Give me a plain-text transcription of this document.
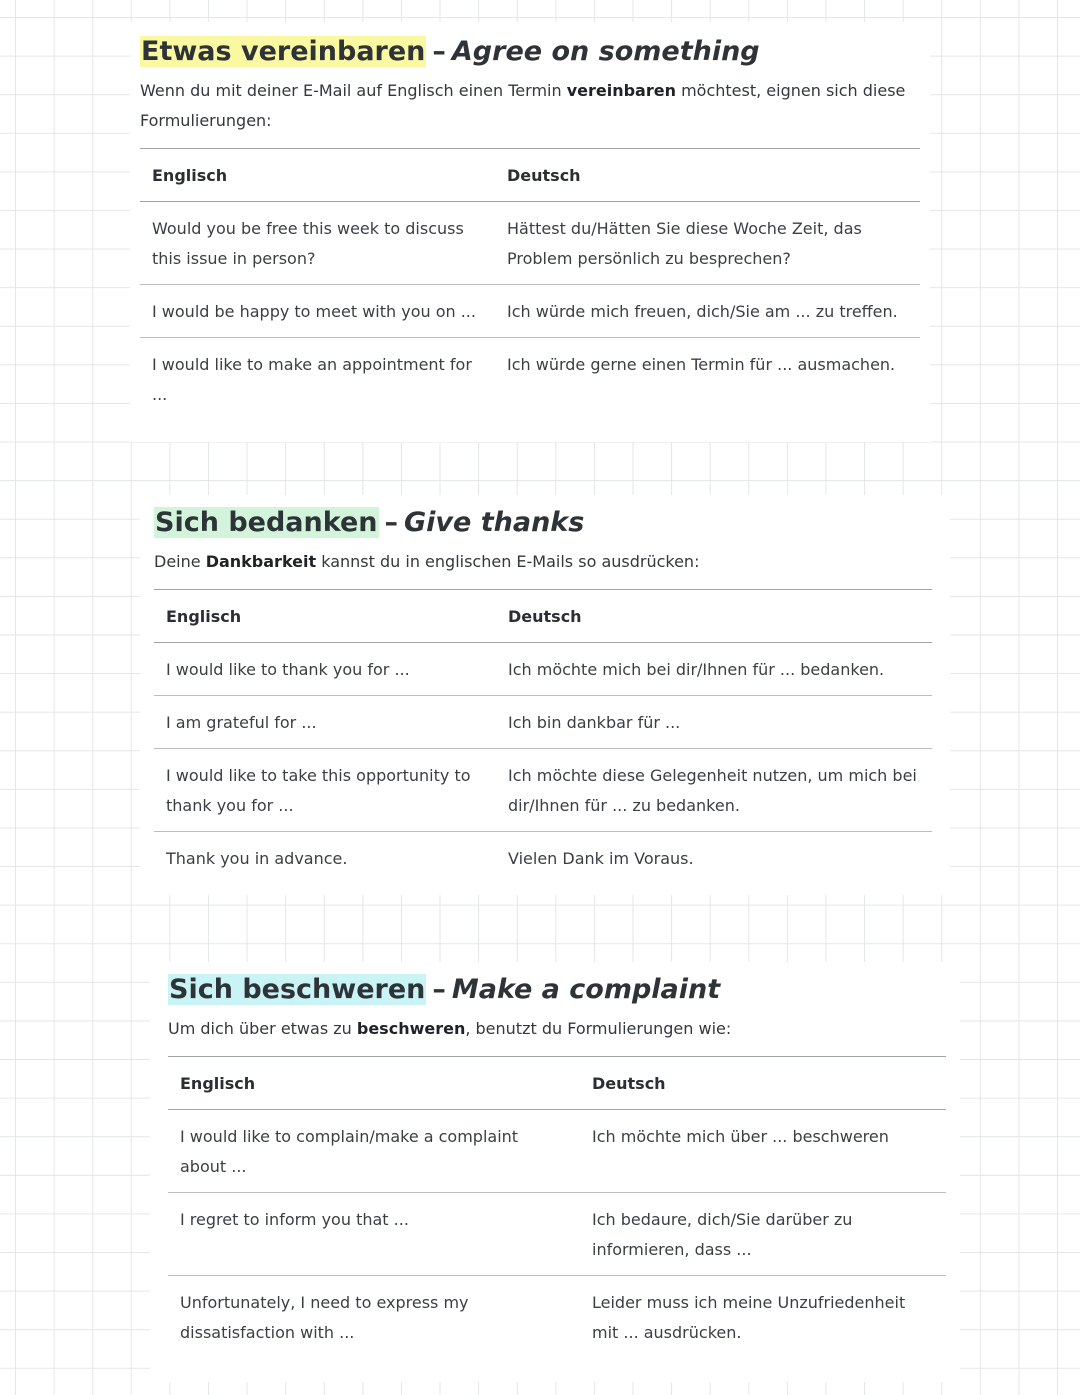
Etwas vereinbaren – Agree on something

Wenn du mit deiner E-Mail auf Englisch einen Termin vereinbaren möchtest, eignen sich diese Formulierungen:

Englisch	Deutsch
Would you be free this week to discuss this issue in person?	Hättest du/Hätten Sie diese Woche Zeit, das Problem persönlich zu besprechen?
I would be happy to meet with you on ...	Ich würde mich freuen, dich/Sie am ... zu treffen.
I would like to make an appointment for ...	Ich würde gerne einen Termin für ... ausmachen.
Sich bedanken – Give thanks

Deine Dankbarkeit kannst du in englischen E-Mails so ausdrücken:

Englisch	Deutsch
I would like to thank you for ...	Ich möchte mich bei dir/Ihnen für ... bedanken.
I am grateful for ...	Ich bin dankbar für ...
I would like to take this opportunity to thank you for ...	Ich möchte diese Gelegenheit nutzen, um mich bei dir/Ihnen für ... zu bedanken.
Thank you in advance.	Vielen Dank im Voraus.
Sich beschweren – Make a complaint

Um dich über etwas zu beschweren, benutzt du Formulierungen wie:

Englisch	Deutsch
I would like to complain/make a complaint about ...	Ich möchte mich über ... beschweren
I regret to inform you that ...	Ich bedaure, dich/Sie darüber zu informieren, dass ...
Unfortunately, I need to express my dissatisfaction with ...	Leider muss ich meine Unzufriedenheit mit ... ausdrücken.
